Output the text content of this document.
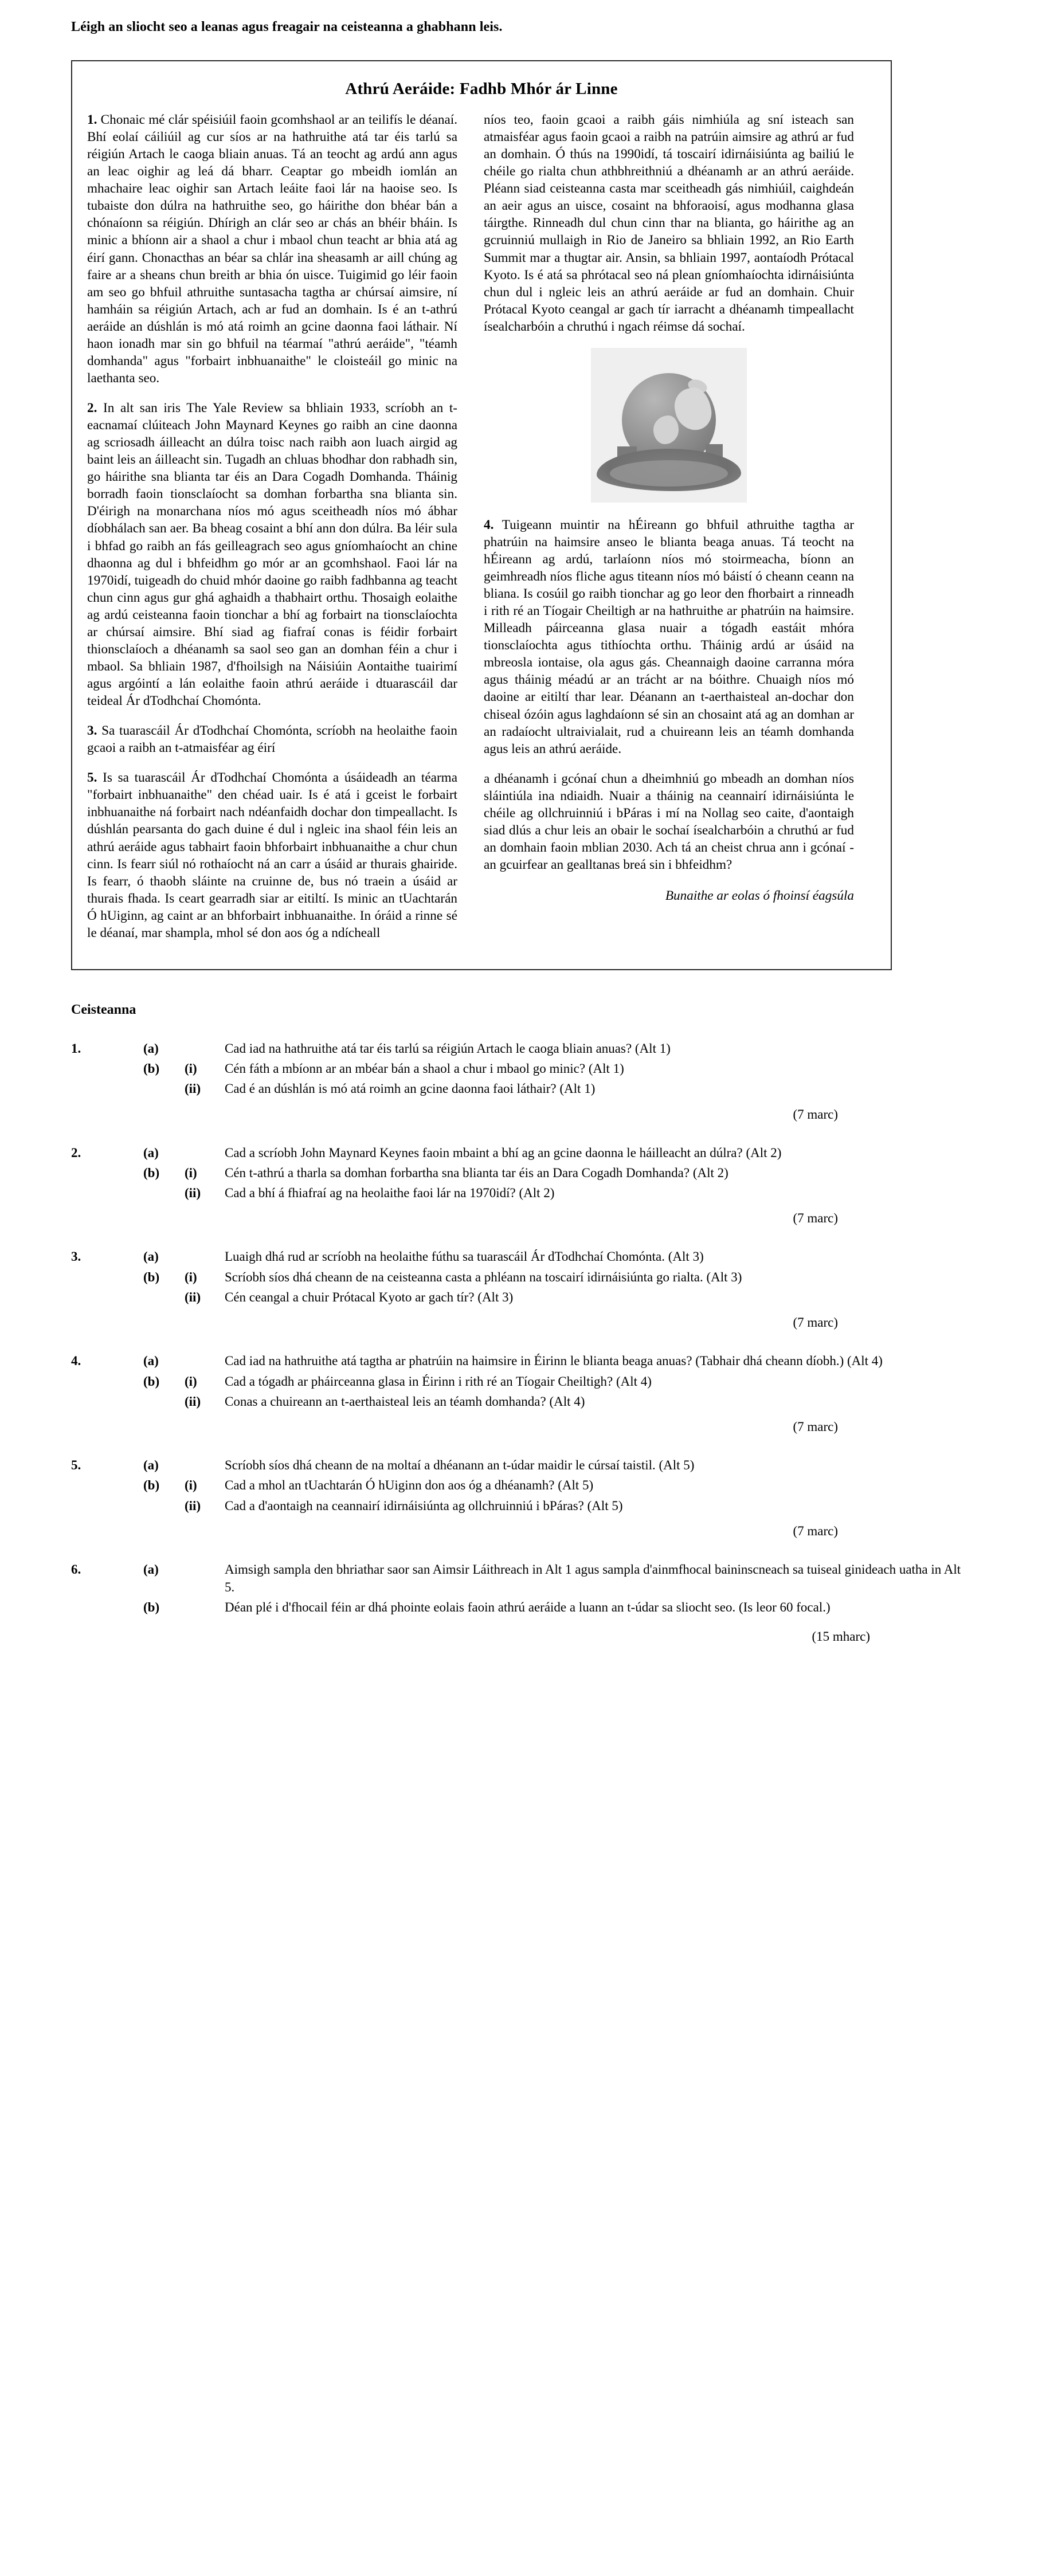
Léigh an sliocht seo a leanas agus freagair na ceisteanna a ghabhann leis.
Athrú Aeráide: Fadhb Mhór ár Linne

1. Chonaic mé clár spéisiúil faoin gcomhshaol ar an teilifís le déanaí. Bhí eolaí cáiliúil ag cur síos ar na hathruithe atá tar éis tarlú sa réigiún Artach le caoga bliain anuas. Tá an teocht ag ardú ann agus an leac oighir ag leá dá bharr. Ceaptar go mbeidh iomlán an mhachaire leac oighir san Artach leáite faoi lár na haoise seo. Is tubaiste don dúlra na hathruithe seo, go háirithe don bhéar bán a chónaíonn sa réigiún. Dhírigh an clár seo ar chás an bhéir bháin. Is minic a bhíonn air a shaol a chur i mbaol chun teacht ar bhia atá ag éirí gann. Chonacthas an béar sa chlár ina sheasamh ar aill chúng ag faire ar a sheans chun breith ar bhia ón uisce. Tuigimid go léir faoin am seo go bhfuil athruithe suntasacha tagtha ar chúrsaí aimsire, ní hamháin sa réigiún Artach, ach ar fud an domhain. Is é an t-athrú aeráide an dúshlán is mó atá roimh an gcine daonna faoi láthair. Ní haon ionadh mar sin go bhfuil na téarmaí "athrú aeráide", "téamh domhanda" agus "forbairt inbhuanaithe" le cloisteáil go minic na laethanta seo.

2. In alt san iris The Yale Review sa bhliain 1933, scríobh an t-eacnamaí clúiteach John Maynard Keynes go raibh an cine daonna ag scriosadh áilleacht an dúlra toisc nach raibh aon luach airgid ag baint leis an áilleacht sin. Tugadh an chluas bhodhar don rabhadh sin, go háirithe sna blianta tar éis an Dara Cogadh Domhanda. Tháinig borradh faoin tionsclaíocht sa domhan forbartha sna blianta sin. D'éirigh na monarchana níos mó agus sceitheadh níos mó ábhar díobhálach san aer. Ba bheag cosaint a bhí ann don dúlra. Ba léir sula i bhfad go raibh an fás geilleagrach seo agus gníomhaíocht an chine dhaonna ag dul i bhfeidhm go mór ar an gcomhshaol. Faoi lár na 1970idí, tuigeadh do chuid mhór daoine go raibh fadhbanna ag teacht chun cinn agus gur ghá aghaidh a thabhairt orthu. Thosaigh eolaithe ag ardú ceisteanna faoin tionchar a bhí ag forbairt na tionsclaíochta ar chúrsaí aimsire. Bhí siad ag fiafraí conas is féidir forbairt thionsclaíoch a dhéanamh sa saol seo gan an domhan féin a chur i mbaol. Sa bhliain 1987, d'fhoilsigh na Náisiúin Aontaithe tuairimí agus argóintí a lán eolaithe faoin athrú aeráide i dtuarascáil dar teideal Ár dTodhchaí Chomónta.

3. Sa tuarascáil Ár dTodhchaí Chomónta, scríobh na heolaithe faoin gcaoi a raibh an t-atmaisféar ag éirí

5. Is sa tuarascáil Ár dTodhchaí Chomónta a úsáideadh an téarma "forbairt inbhuanaithe" den chéad uair. Is é atá i gceist le forbairt inbhuanaithe ná forbairt nach ndéanfaidh dochar don timpeallacht. Is dúshlán pearsanta do gach duine é dul i ngleic ina shaol féin leis an athrú aeráide agus tabhairt faoin bhforbairt inbhuanaithe a chur chun cinn. Is fearr siúl nó rothaíocht ná an carr a úsáid ar thurais ghairide. Is fearr, ó thaobh sláinte na cruinne de, bus nó traein a úsáid ar thurais fhada. Is ceart gearradh siar ar eitiltí. Is minic an tUachtarán Ó hUiginn, ag caint ar an bhforbairt inbhuanaithe. In óráid a rinne sé le déanaí, mar shampla, mhol sé don aos óg a ndícheall

níos teo, faoin gcaoi a raibh gáis nimhiúla ag sní isteach san atmaisféar agus faoin gcaoi a raibh na patrúin aimsire ag athrú ar fud an domhain. Ó thús na 1990idí, tá toscairí idirnáisiúnta ag bailiú le chéile go rialta chun athbhreithniú a dhéanamh ar an athrú aeráide. Pléann siad ceisteanna casta mar sceitheadh gás nimhiúil, caighdeán an aeir agus an uisce, cosaint na bhforaoisí, agus modhanna glasa táirgthe. Rinneadh dul chun cinn thar na blianta, go háirithe ag an gcruinniú mullaigh in Rio de Janeiro sa bhliain 1992, an Rio Earth Summit mar a thugtar air. Ansin, sa bhliain 1997, aontaíodh Prótacal Kyoto. Is é atá sa phrótacal seo ná plean gníomhaíochta idirnáisiúnta chun dul i ngleic leis an athrú aeráide ar fud an domhain. Chuir Prótacal Kyoto ceangal ar gach tír iarracht a dhéanamh timpeallacht ísealcharbóin a chruthú i ngach réimse dá sochaí.

4. Tuigeann muintir na hÉireann go bhfuil athruithe tagtha ar phatrúin na haimsire anseo le blianta beaga anuas. Tá teocht na hÉireann ag ardú, tarlaíonn níos mó stoirmeacha, bíonn an geimhreadh níos fliche agus titeann níos mó báistí ó cheann ceann na bliana. Is cosúil go raibh tionchar ag go leor den fhorbairt a rinneadh i rith ré an Tíogair Cheiltigh ar na hathruithe ar phatrúin na haimsire. Milleadh páirceanna glasa nuair a tógadh eastáit mhóra tionsclaíochta agus tithíochta orthu. Tháinig ardú ar úsáid na mbreosla iontaise, ola agus gás. Cheannaigh daoine carranna móra agus tháinig méadú ar an trácht ar na bóithre. Chuaigh níos mó daoine ar eitiltí thar lear. Déanann an t-aerthaisteal an-dochar don chiseal ózóin agus laghdaíonn sé sin an chosaint atá ag an domhan ar an radaíocht ultraivialait, rud a chuireann leis an téamh domhanda agus leis an athrú aeráide.

a dhéanamh i gcónaí chun a dheimhniú go mbeadh an domhan níos sláintiúla ina ndiaidh. Nuair a tháinig na ceannairí idirnáisiúnta le chéile ag ollchruinniú i bPáras i mí na Nollag seo caite, d'aontaigh siad dlús a chur leis an obair le sochaí ísealcharbóin a chruthú ar fud an domhain faoin mblian 2030. Ach tá an cheist chrua ann i gcónaí - an gcuirfear an gealltanas breá sin i bhfeidhm?

Bunaithe ar eolas ó fhoinsí éagsúla
Ceisteanna
1.	(a)	Cad iad na hathruithe atá tar éis tarlú sa réigiún Artach le caoga bliain anuas? (Alt 1)
(b)	(i)	Cén fáth a mbíonn ar an mbéar bán a shaol a chur i mbaol go minic? (Alt 1)
(ii)	Cad é an dúshlán is mó atá roimh an gcine daonna faoi láthair? (Alt 1)
(7 marc)
2.	(a)	Cad a scríobh John Maynard Keynes faoin mbaint a bhí ag an gcine daonna le háilleacht an dúlra? (Alt 2)
(b)	(i)	Cén t-athrú a tharla sa domhan forbartha sna blianta tar éis an Dara Cogadh Domhanda? (Alt 2)
(ii)	Cad a bhí á fhiafraí ag na heolaithe faoi lár na 1970idí? (Alt 2)
(7 marc)
3.	(a)	Luaigh dhá rud ar scríobh na heolaithe fúthu sa tuarascáil Ár dTodhchaí Chomónta. (Alt 3)
(b)	(i)	Scríobh síos dhá cheann de na ceisteanna casta a phléann na toscairí idirnáisiúnta go rialta. (Alt 3)
(ii)	Cén ceangal a chuir Prótacal Kyoto ar gach tír? (Alt 3)
(7 marc)
4.	(a)	Cad iad na hathruithe atá tagtha ar phatrúin na haimsire in Éirinn le blianta beaga anuas? (Tabhair dhá cheann díobh.) (Alt 4)
(b)	(i)	Cad a tógadh ar pháirceanna glasa in Éirinn i rith ré an Tíogair Cheiltigh? (Alt 4)
(ii)	Conas a chuireann an t-aerthaisteal leis an téamh domhanda? (Alt 4)
(7 marc)
5.	(a)	Scríobh síos dhá cheann de na moltaí a dhéanann an t-údar maidir le cúrsaí taistil. (Alt 5)
(b)	(i)	Cad a mhol an tUachtarán Ó hUiginn don aos óg a dhéanamh? (Alt 5)
(ii)	Cad a d'aontaigh na ceannairí idirnáisiúnta ag ollchruinniú i bPáras? (Alt 5)
(7 marc)
6.	(a)	Aimsigh sampla den bhriathar saor san Aimsir Láithreach in Alt 1 agus sampla d'ainmfhocal baininscneach sa tuiseal ginideach uatha in Alt 5.
(b)	Déan plé i d'fhocail féin ar dhá phointe eolais faoin athrú aeráide a luann an t-údar sa sliocht seo. (Is leor 60 focal.)
(15 mharc)
